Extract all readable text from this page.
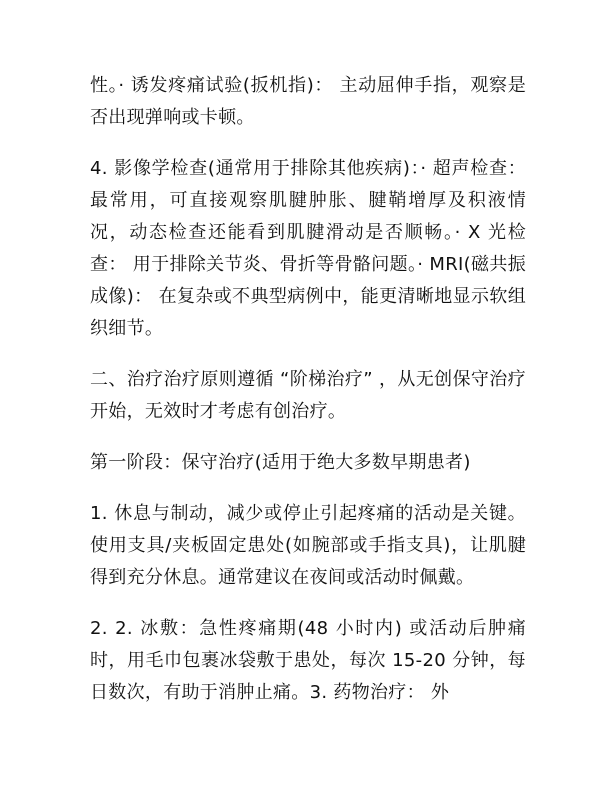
性。· 诱发疼痛试验(扳机指)： 主动屈伸手指，观察是否出现弹响或卡顿。

4. 影像学检查(通常用于排除其他疾病)：· 超声检查： 最常用，可直接观察肌腱肿胀、腱鞘增厚及积液情况，动态检查还能看到肌腱滑动是否顺畅。· X 光检查： 用于排除关节炎、骨折等骨骼问题。· MRI(磁共振成像)： 在复杂或不典型病例中，能更清晰地显示软组织细节。

二、治疗治疗原则遵循 “阶梯治疗” ，从无创保守治疗开始，无效时才考虑有创治疗。

第一阶段：保守治疗(适用于绝大多数早期患者)

1. 休息与制动，减少或停止引起疼痛的活动是关键。使用支具/夹板固定患处(如腕部或手指支具)，让肌腱得到充分休息。通常建议在夜间或活动时佩戴。

2. 2. 冰敷：急性疼痛期(48 小时内) 或活动后肿痛时，用毛巾包裹冰袋敷于患处，每次 15-20 分钟，每日数次，有助于消肿止痛。3. 药物治疗： 外
